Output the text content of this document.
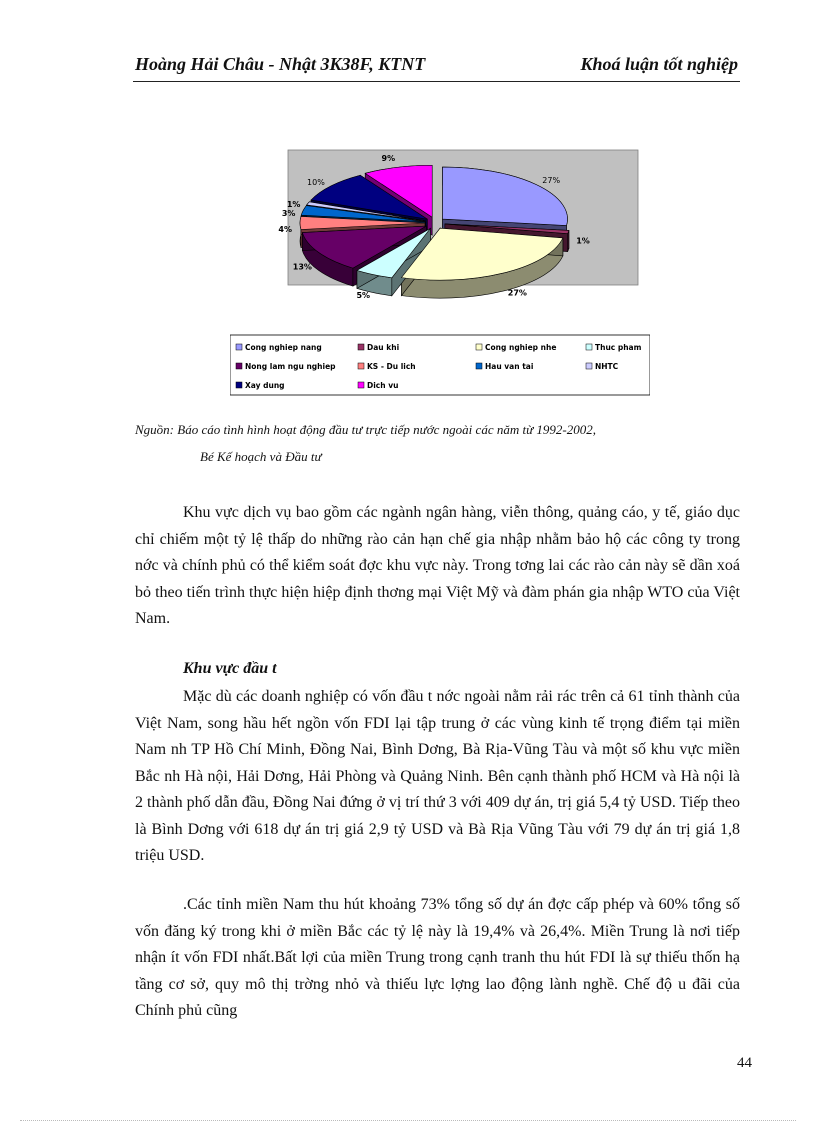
Hoàng Hải Châu - Nhật 3K38F, KTNT	Khoá luận tốt nghiệp
27%
1%
27%
5%
13%
4%
3%
1%
10%
9%
Cong nghiep nang	Dau khi	Cong nghiep nhe	Thuc pham
Nong lam ngu nghiep	KS - Du lich	Hau van tai	NHTC
Xay dung	Dich vu
Nguồn: Báo cáo tình hình hoạt động đầu tư trực tiếp nước ngoài các năm từ 1992-2002,
Bé Kế hoạch và Đầu tư
Khu vực dịch vụ bao gồm các ngành ngân hàng, viễn thông, quảng cáo, y tế, giáo dục chỉ chiếm một tỷ lệ thấp do những rào cản hạn chế gia nhập nhằm bảo hộ các công ty trong nớc và chính phủ có thể kiểm soát đợc khu vực này. Trong tơng lai các rào cản này sẽ dần xoá bỏ theo tiến trình thực hiện hiệp định thơng mại Việt Mỹ và đàm phán gia nhập WTO của Việt Nam.
Khu vực đầu t
Mặc dù các doanh nghiệp có vốn đầu t nớc ngoài nằm rải rác trên cả 61 tỉnh thành của Việt Nam, song hầu hết ngồn vốn FDI lại tập trung ở các vùng kinh tế trọng điểm tại miền Nam nh TP Hồ Chí Minh, Đồng Nai, Bình Dơng, Bà Rịa-Vũng Tàu và một số khu vực miền Bắc nh Hà nội, Hải Dơng, Hải Phòng và Quảng Ninh. Bên cạnh thành phố HCM và Hà nội là 2 thành phố dẫn đầu, Đồng Nai đứng ở vị trí thứ 3 với 409 dự án, trị giá 5,4 tỷ USD. Tiếp theo là Bình Dơng với 618 dự án trị giá 2,9 tỷ USD và Bà Rịa Vũng Tàu với 79 dự án trị giá 1,8 triệu USD.
.Các tỉnh miền Nam thu hút khoảng 73% tổng số dự án đợc cấp phép và 60% tổng số vốn đăng ký trong khi ở miền Bắc các tỷ lệ này là 19,4% và 26,4%. Miền Trung là nơi tiếp nhận ít vốn FDI nhất.Bất lợi của miền Trung trong cạnh tranh thu hút FDI là sự thiếu thốn hạ tầng cơ sở, quy mô thị trờng nhỏ và thiếu lực lợng lao động lành nghề. Chế độ u đãi của Chính phủ cũng
44
